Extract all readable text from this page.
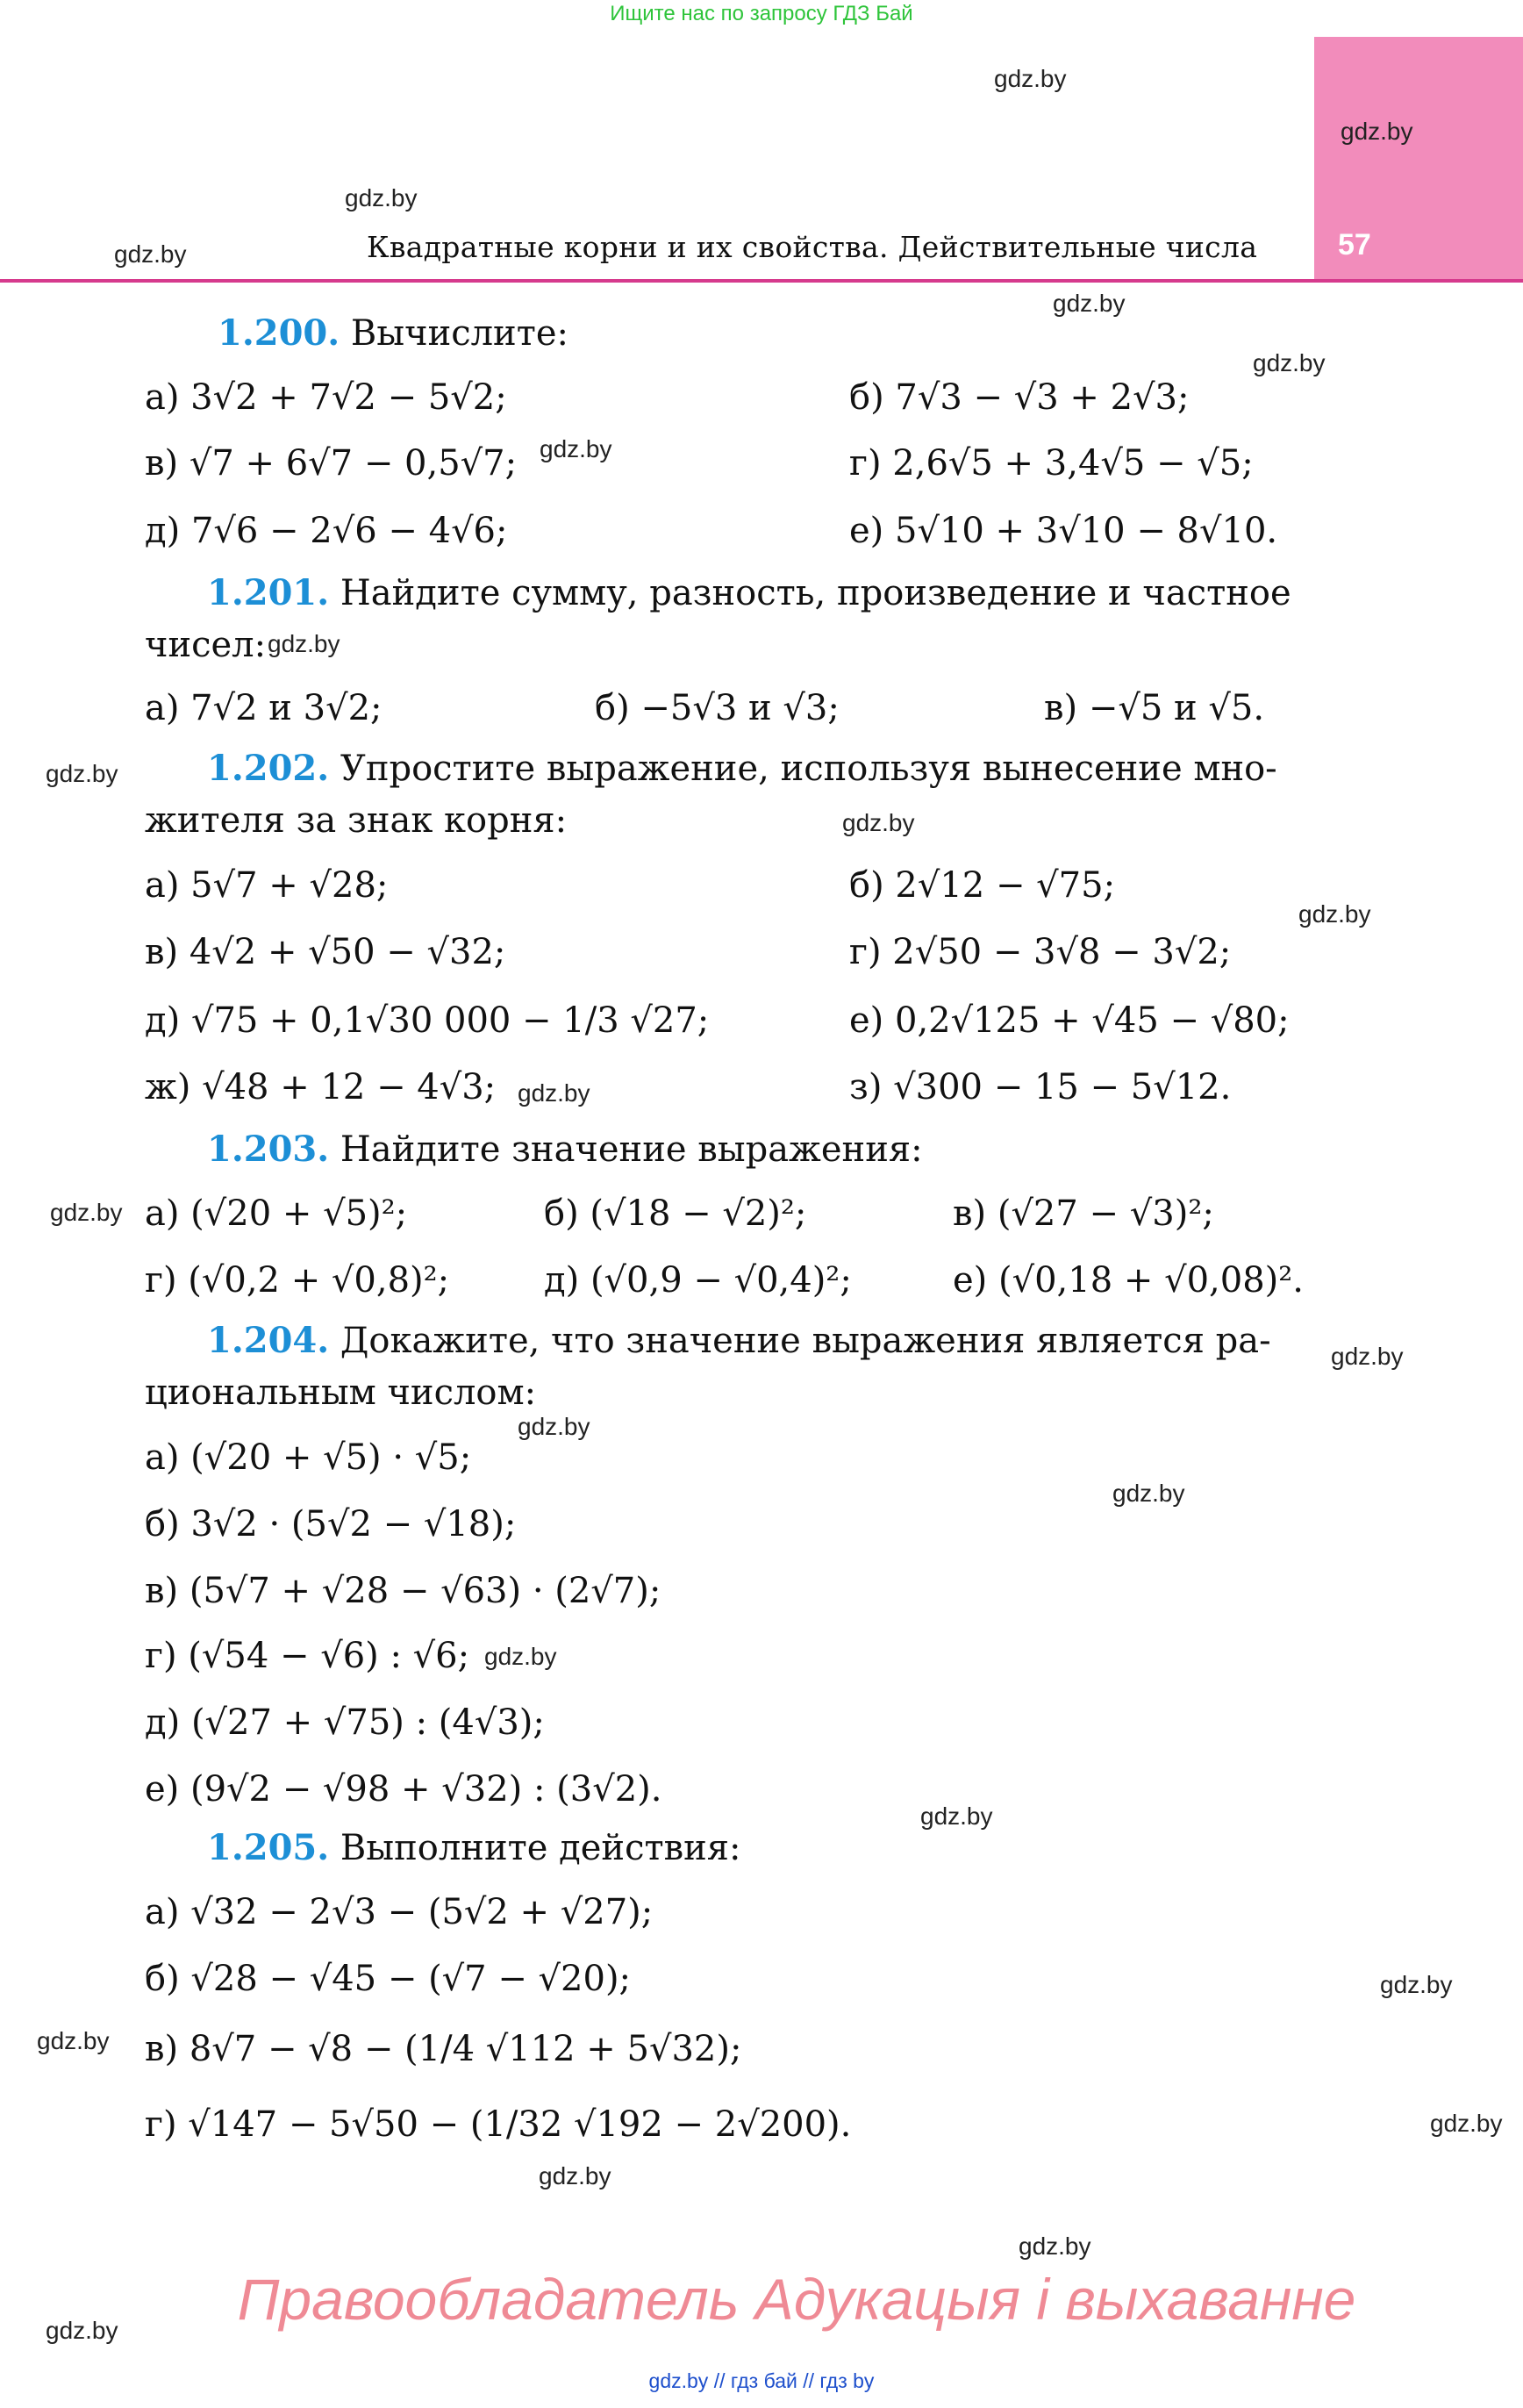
Ищите нас по запросу ГДЗ Бай
57
Квадратные корни и их свойства. Действительные числа
gdz.by
gdz.by
gdz.by
gdz.by
gdz.by
gdz.by
gdz.by
gdz.by
gdz.by
gdz.by
gdz.by
gdz.by
gdz.by
gdz.by
gdz.by
gdz.by
gdz.by
gdz.by
gdz.by
gdz.by
gdz.by
gdz.by
gdz.by
gdz.by
1.200. Вычислите:
а) 3√2 + 7√2 − 5√2;	б) 7√3 − √3 + 2√3;
в) √7 + 6√7 − 0,5√7;	г) 2,6√5 + 3,4√5 − √5;
д) 7√6 − 2√6 − 4√6;	е) 5√10 + 3√10 − 8√10.
1.201. Найдите сумму, разность, произведение и частное
чисел:
а) 7√2 и 3√2;	б) −5√3 и √3;	в) −√5 и √5.
1.202. Упростите выражение, используя вынесение мно-
жителя за знак корня:
а) 5√7 + √28;	б) 2√12 − √75;
в) 4√2 + √50 − √32;	г) 2√50 − 3√8 − 3√2;
д) √75 + 0,1√30 000 − 1/3 √27;	е) 0,2√125 + √45 − √80;
ж) √48 + 12 − 4√3;	з) √300 − 15 − 5√12.
1.203. Найдите значение выражения:
а) (√20 + √5)²;	б) (√18 − √2)²;	в) (√27 − √3)²;
г) (√0,2 + √0,8)²;	д) (√0,9 − √0,4)²;	е) (√0,18 + √0,08)².
1.204. Докажите, что значение выражения является ра-
циональным числом:
а) (√20 + √5) · √5;
б) 3√2 · (5√2 − √18);
в) (5√7 + √28 − √63) · (2√7);
г) (√54 − √6) : √6;
д) (√27 + √75) : (4√3);
е) (9√2 − √98 + √32) : (3√2).
1.205. Выполните действия:
а) √32 − 2√3 − (5√2 + √27);
б) √28 − √45 − (√7 − √20);
в) 8√7 − √8 − (1/4 √112 + 5√32);
г) √147 − 5√50 − (1/32 √192 − 2√200).
Правообладатель Адукацыя і выхаванне
gdz.by // гдз бай // гдз by
